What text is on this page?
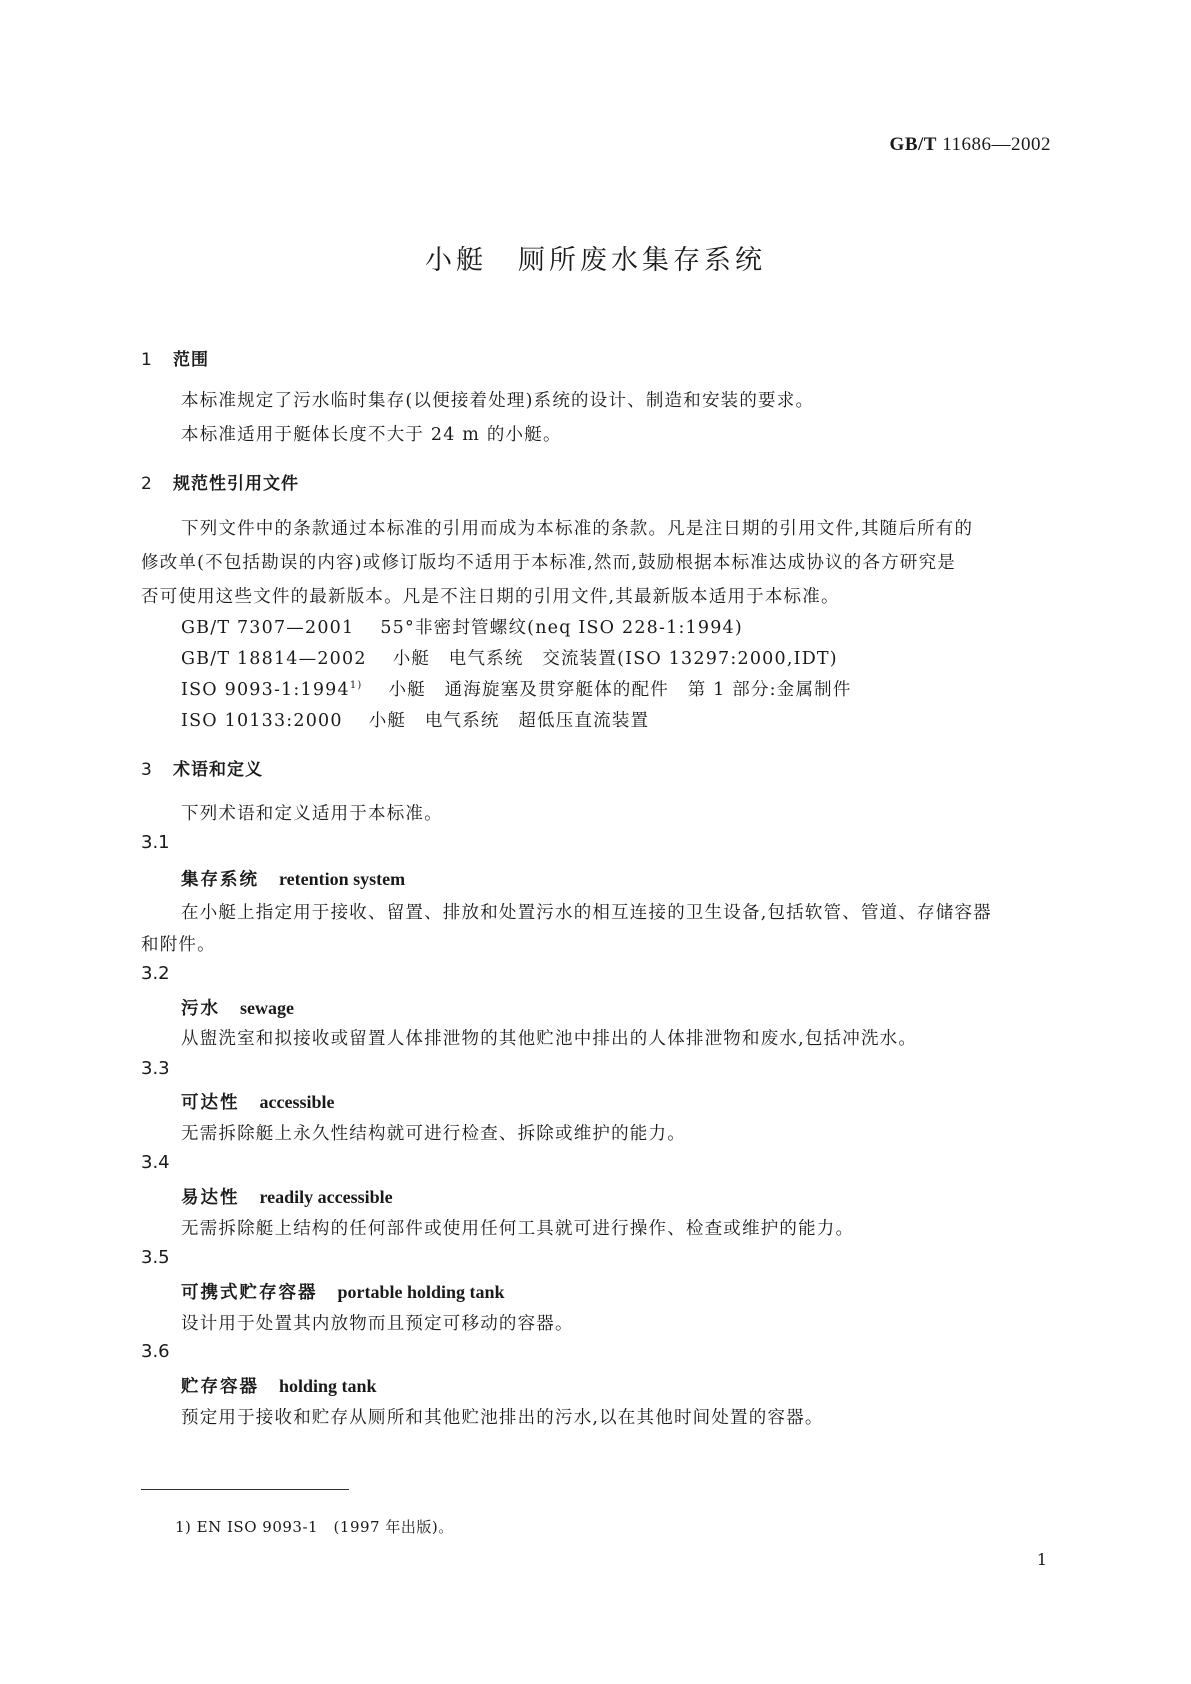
GB/T 11686—2002
小艇　厕所废水集存系统
1 范围
本标准规定了污水临时集存(以便接着处理)系统的设计、制造和安装的要求。
本标准适用于艇体长度不大于 24 m 的小艇。
2 规范性引用文件
下列文件中的条款通过本标准的引用而成为本标准的条款。凡是注日期的引用文件,其随后所有的
修改单(不包括勘误的内容)或修订版均不适用于本标准,然而,鼓励根据本标准达成协议的各方研究是
否可使用这些文件的最新版本。凡是不注日期的引用文件,其最新版本适用于本标准。
GB/T 7307—2001 55°非密封管螺纹(neq ISO 228-1:1994)
GB/T 18814—2002 小艇　电气系统　交流装置(ISO 13297:2000,IDT)
ISO 9093-1:1994$^{1)}$ 小艇　通海旋塞及贯穿艇体的配件　第 1 部分:金属制件
ISO 10133:2000 小艇　电气系统　超低压直流装置
3 术语和定义
下列术语和定义适用于本标准。
3.1
集存系统 retention system
在小艇上指定用于接收、留置、排放和处置污水的相互连接的卫生设备,包括软管、管道、存储容器
和附件。
3.2
污水 sewage
从盥洗室和拟接收或留置人体排泄物的其他贮池中排出的人体排泄物和废水,包括冲洗水。
3.3
可达性 accessible
无需拆除艇上永久性结构就可进行检查、拆除或维护的能力。
3.4
易达性 readily accessible
无需拆除艇上结构的任何部件或使用任何工具就可进行操作、检查或维护的能力。
3.5
可携式贮存容器 portable holding tank
设计用于处置其内放物而且预定可移动的容器。
3.6
贮存容器 holding tank
预定用于接收和贮存从厕所和其他贮池排出的污水,以在其他时间处置的容器。
1) EN ISO 9093-1　(1997 年出版)。
1
